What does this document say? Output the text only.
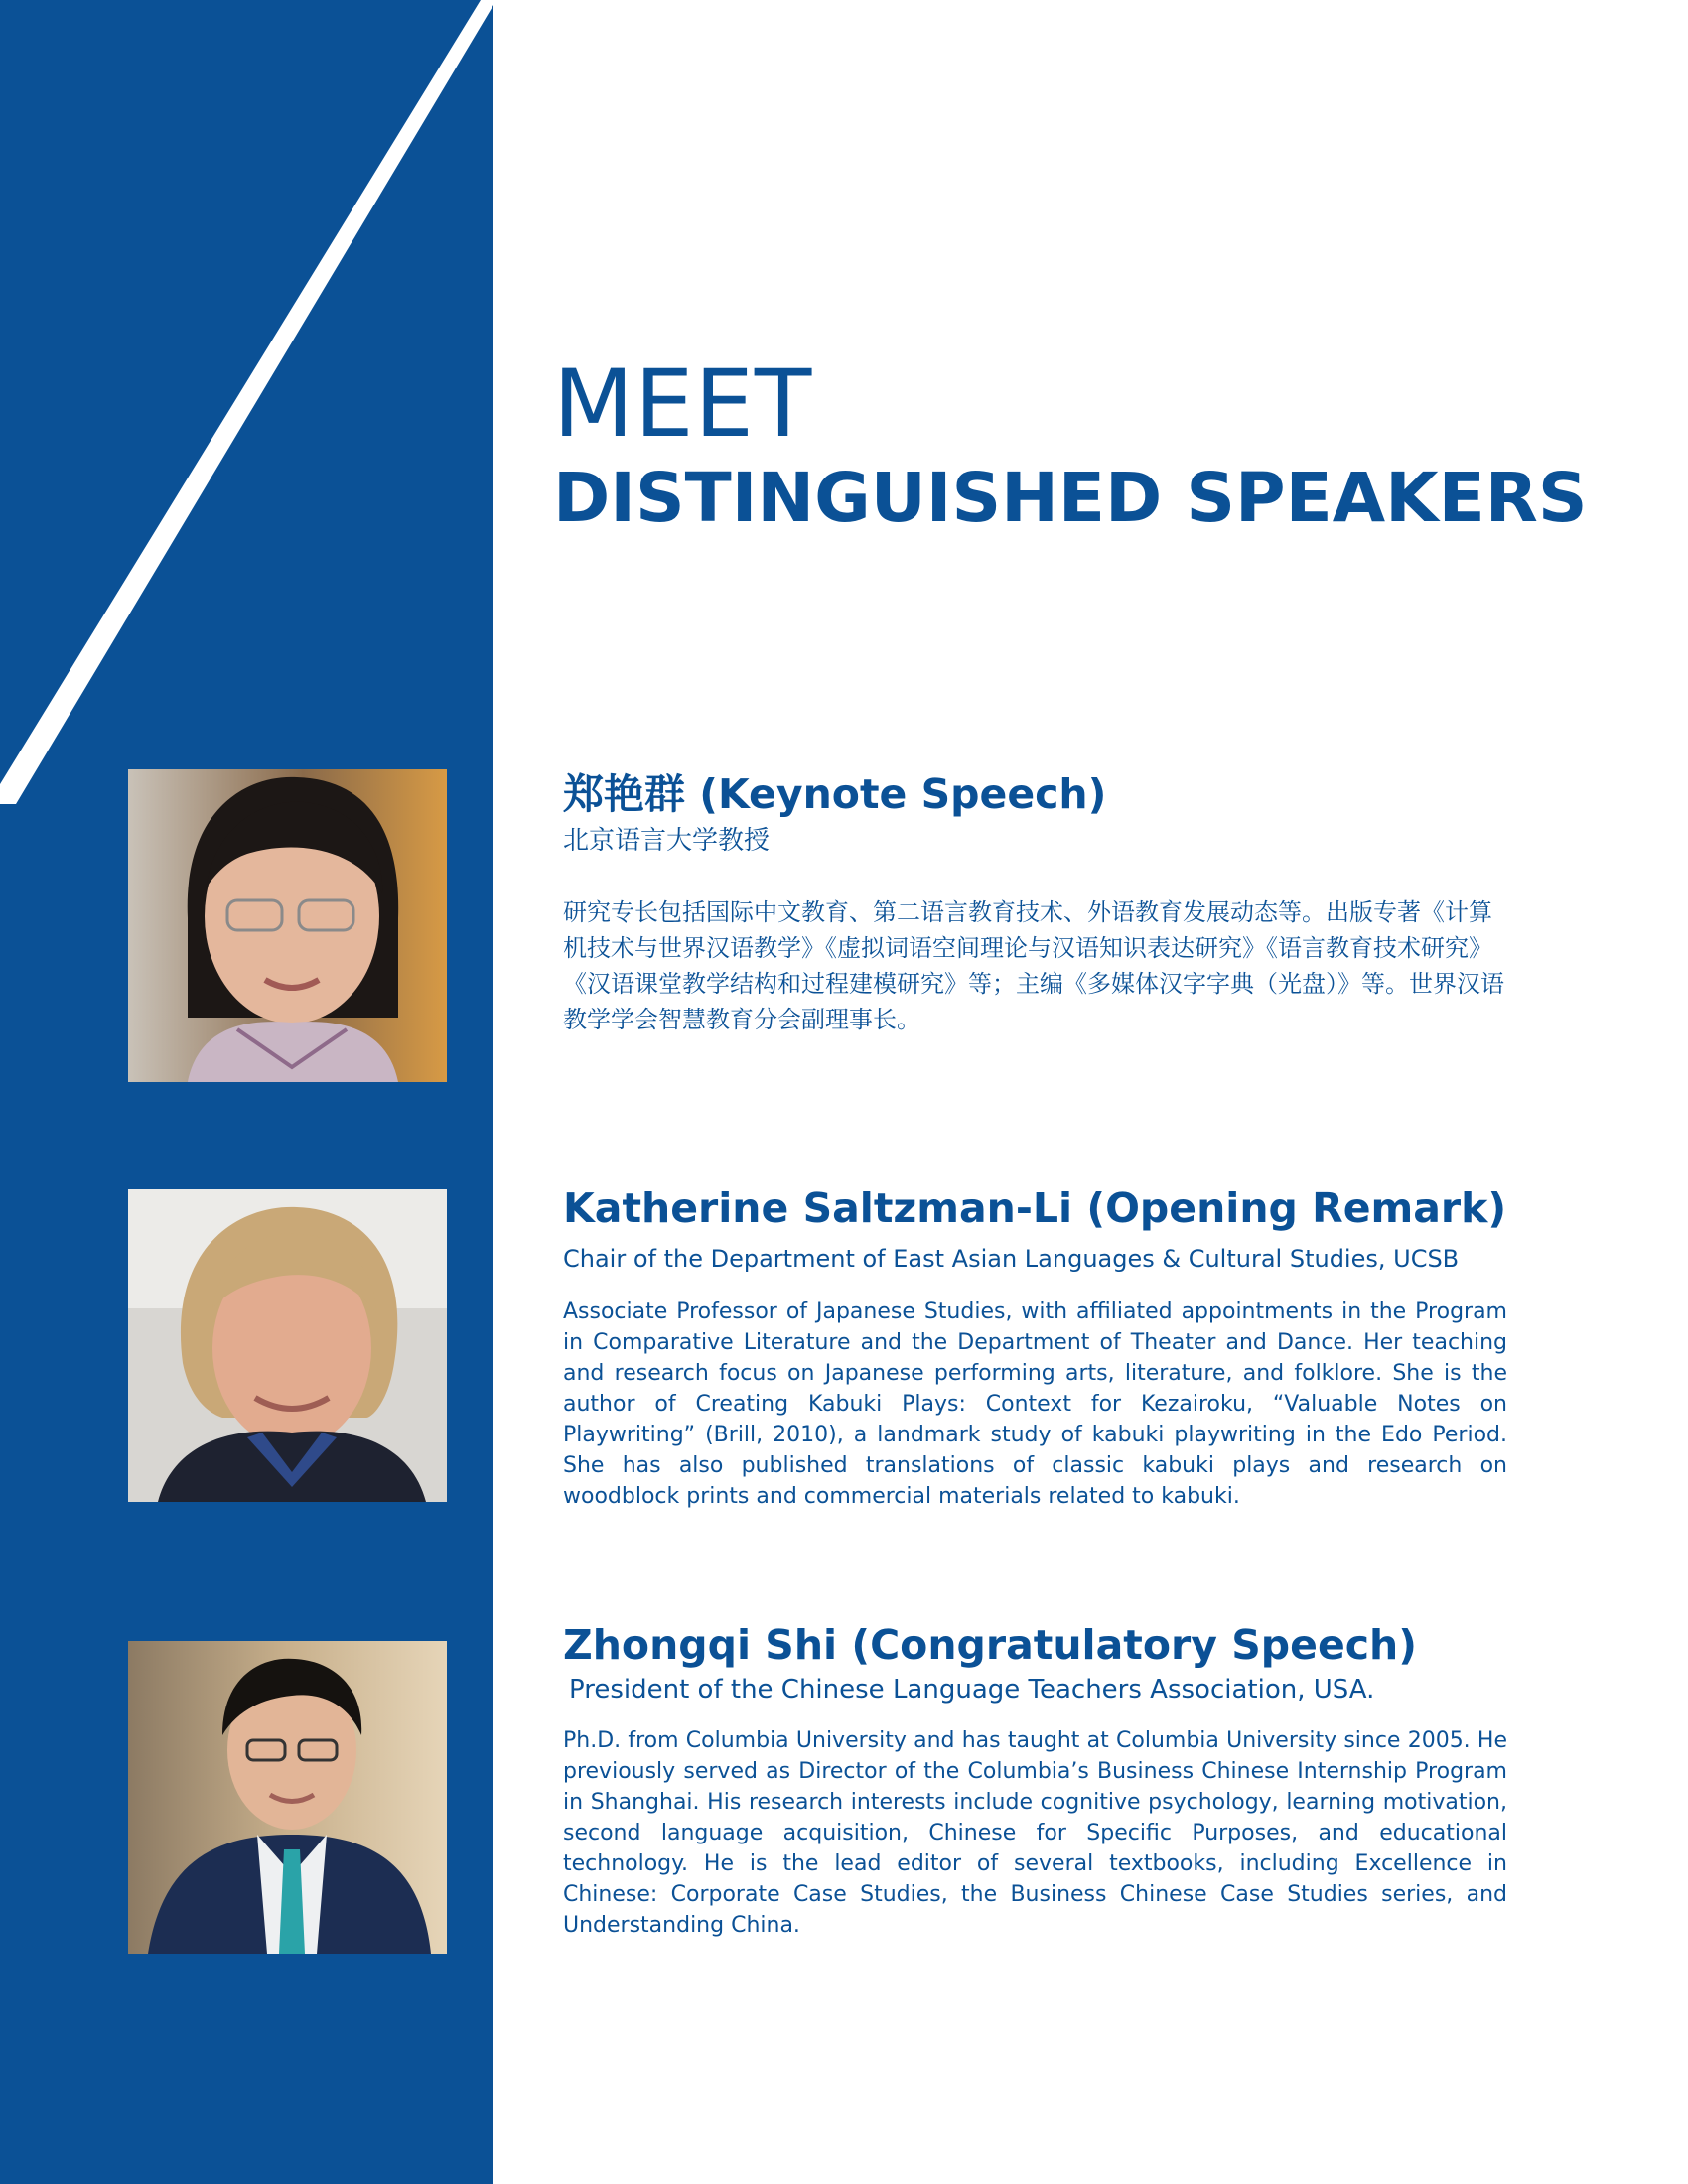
MEET
DISTINGUISHED SPEAKERS
郑艳群 (Keynote Speech)
北京语言大学教授
研究专长包括国际中文教育、第二语言教育技术、外语教育发展动态等。出版专著《计算机技术与世界汉语教学》《虚拟词语空间理论与汉语知识表达研究》《语言教育技术研究》《汉语课堂教学结构和过程建模研究》等；主编《多媒体汉字字典（光盘）》等。世界汉语教学学会智慧教育分会副理事长。
Katherine Saltzman-Li (Opening Remark)
Chair of the Department of East Asian Languages & Cultural Studies, UCSB
Associate Professor of Japanese Studies, with affiliated appointments in the Program in Comparative Literature and the Department of Theater and Dance. Her teaching and research focus on Japanese performing arts, literature, and folklore. She is the author of Creating Kabuki Plays: Context for Kezairoku, “Valuable Notes on Playwriting” (Brill, 2010), a landmark study of kabuki playwriting in the Edo Period. She has also published translations of classic kabuki plays and research on woodblock prints and commercial materials related to kabuki.
Zhongqi Shi (Congratulatory Speech)
President of the Chinese Language Teachers Association, USA.
Ph.D. from Columbia University and has taught at Columbia University since 2005. He previously served as Director of the Columbia’s Business Chinese Internship Program in Shanghai. His research interests include cognitive psychology, learning motivation, second language acquisition, Chinese for Specific Purposes, and educational technology. He is the lead editor of several textbooks, including Excellence in Chinese: Corporate Case Studies, the Business Chinese Case Studies series, and Understanding China.
